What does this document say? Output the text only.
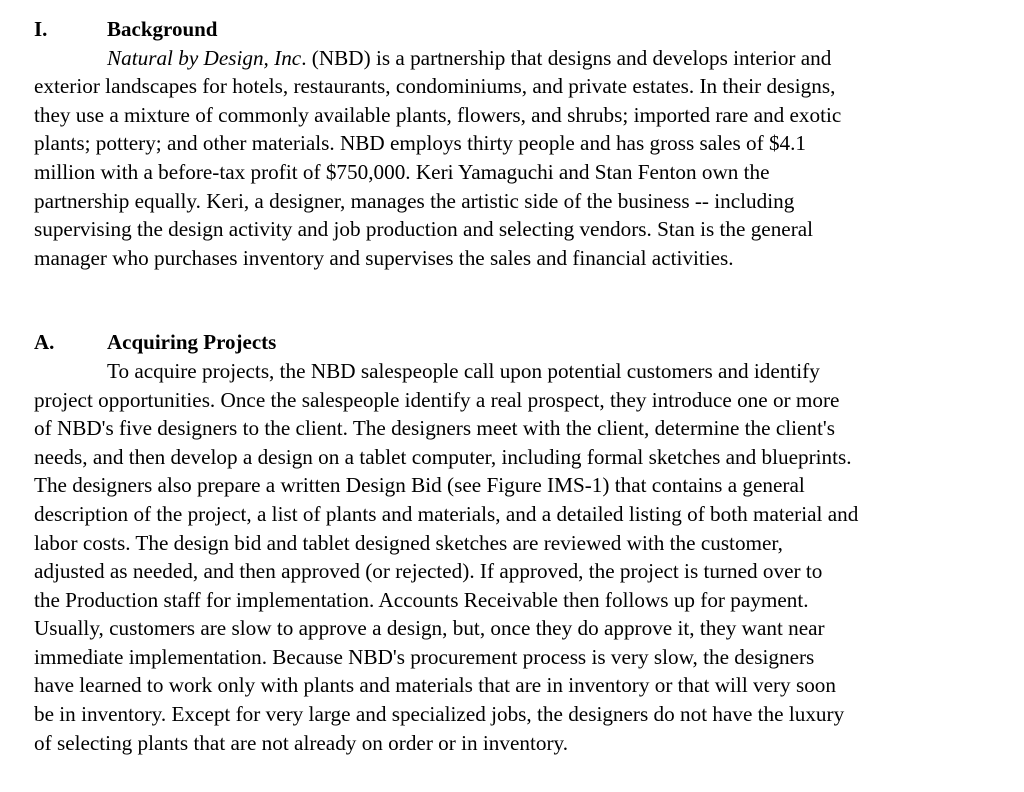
I.	Background
Natural by Design, Inc. (NBD) is a partnership that designs and develops interior and
exterior landscapes for hotels, restaurants, condominiums, and private estates. In their designs,
they use a mixture of commonly available plants, flowers, and shrubs; imported rare and exotic
plants; pottery; and other materials. NBD employs thirty people and has gross sales of $4.1
million with a before-tax profit of $750,000. Keri Yamaguchi and Stan Fenton own the
partnership equally. Keri, a designer, manages the artistic side of the business -- including
supervising the design activity and job production and selecting vendors. Stan is the general
manager who purchases inventory and supervises the sales and financial activities.
A.	Acquiring Projects
To acquire projects, the NBD salespeople call upon potential customers and identify
project opportunities. Once the salespeople identify a real prospect, they introduce one or more
of NBD's five designers to the client. The designers meet with the client, determine the client's
needs, and then develop a design on a tablet computer, including formal sketches and blueprints.
The designers also prepare a written Design Bid (see Figure IMS-1) that contains a general
description of the project, a list of plants and materials, and a detailed listing of both material and
labor costs. The design bid and tablet designed sketches are reviewed with the customer,
adjusted as needed, and then approved (or rejected). If approved, the project is turned over to
the Production staff for implementation. Accounts Receivable then follows up for payment.
Usually, customers are slow to approve a design, but, once they do approve it, they want near
immediate implementation. Because NBD's procurement process is very slow, the designers
have learned to work only with plants and materials that are in inventory or that will very soon
be in inventory. Except for very large and specialized jobs, the designers do not have the luxury
of selecting plants that are not already on order or in inventory.
